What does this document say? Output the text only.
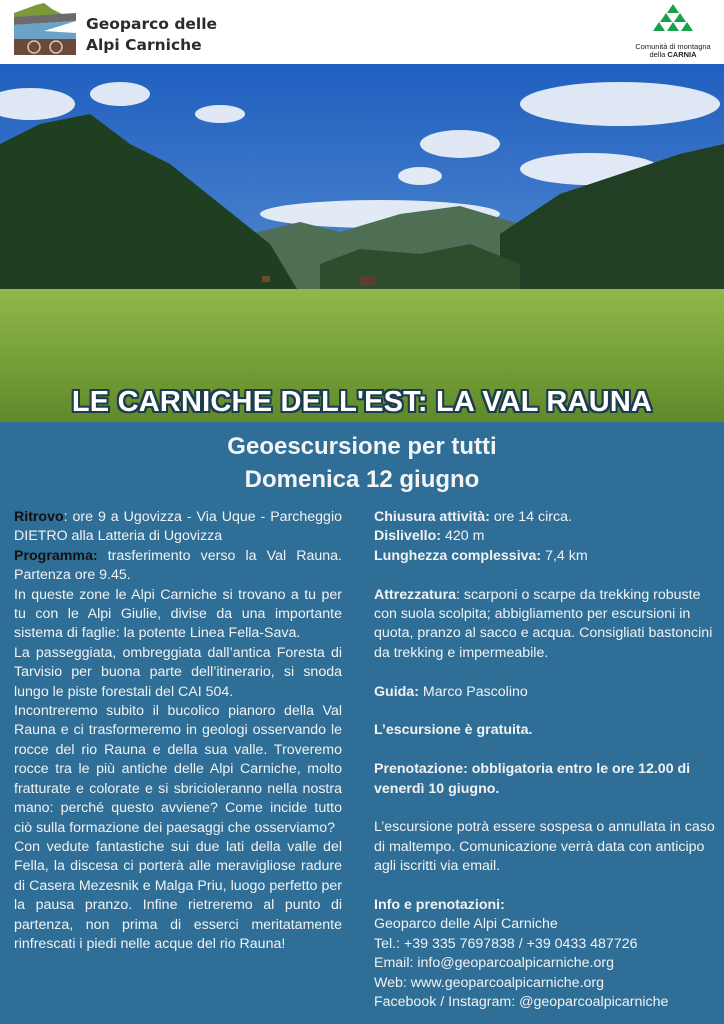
Geoparco delle
Alpi Carniche	Comunità di montagna
della CARNIA
LE CARNICHE DELL'EST: LA VAL RAUNA
Geoescursione per tutti
Domenica 12 giugno
Ritrovo: ore 9 a Ugovizza - Via Uque - Parcheggio DIETRO alla Latteria di Ugovizza
Programma: trasferimento verso la Val Rauna. Partenza ore 9.45.
In queste zone le Alpi Carniche si trovano a tu per tu con le Alpi Giulie, divise da una importante sistema di faglie: la potente Linea Fella-Sava.
La passeggiata, ombreggiata dall’antica Foresta di Tarvisio per buona parte dell’itinerario, si snoda lungo le piste forestali del CAI 504.
Incontreremo subito il bucolico pianoro della Val Rauna e ci trasformeremo in geologi osservando le rocce del rio Rauna e della sua valle. Troveremo rocce tra le più antiche delle Alpi Carniche, molto fratturate e colorate e si sbricioleranno nella nostra mano: perché questo avviene? Come incide tutto ciò sulla formazione dei paesaggi che osserviamo?
Con vedute fantastiche sui due lati della valle del Fella, la discesa ci porterà alle meravigliose radure di Casera Mezesnik e Malga Priu, luogo perfetto per la pausa pranzo. Infine rietreremo al punto di partenza, non prima di esserci meritatamente rinfrescati i piedi nelle acque del rio Rauna!
Chiusura attività: ore 14 circa.
Dislivello: 420 m
Lunghezza complessiva: 7,4 km
Attrezzatura: scarponi o scarpe da trekking robuste con suola scolpita; abbigliamento per escursioni in quota, pranzo al sacco e acqua. Consigliati bastoncini da trekking e impermeabile.
Guida: Marco Pascolino
L’escursione è gratuita.
Prenotazione: obbligatoria entro le ore 12.00 di venerdì 10 giugno.
L’escursione potrà essere sospesa o annullata in caso di maltempo. Comunicazione verrà data con anticipo agli iscritti via email.
Info e prenotazioni:
Geoparco delle Alpi Carniche
Tel.: +39 335 7697838 / +39 0433 487726
Email: info@geoparcoalpicarniche.org
Web: www.geoparcoalpicarniche.org
Facebook / Instagram: @geoparcoalpicarniche
